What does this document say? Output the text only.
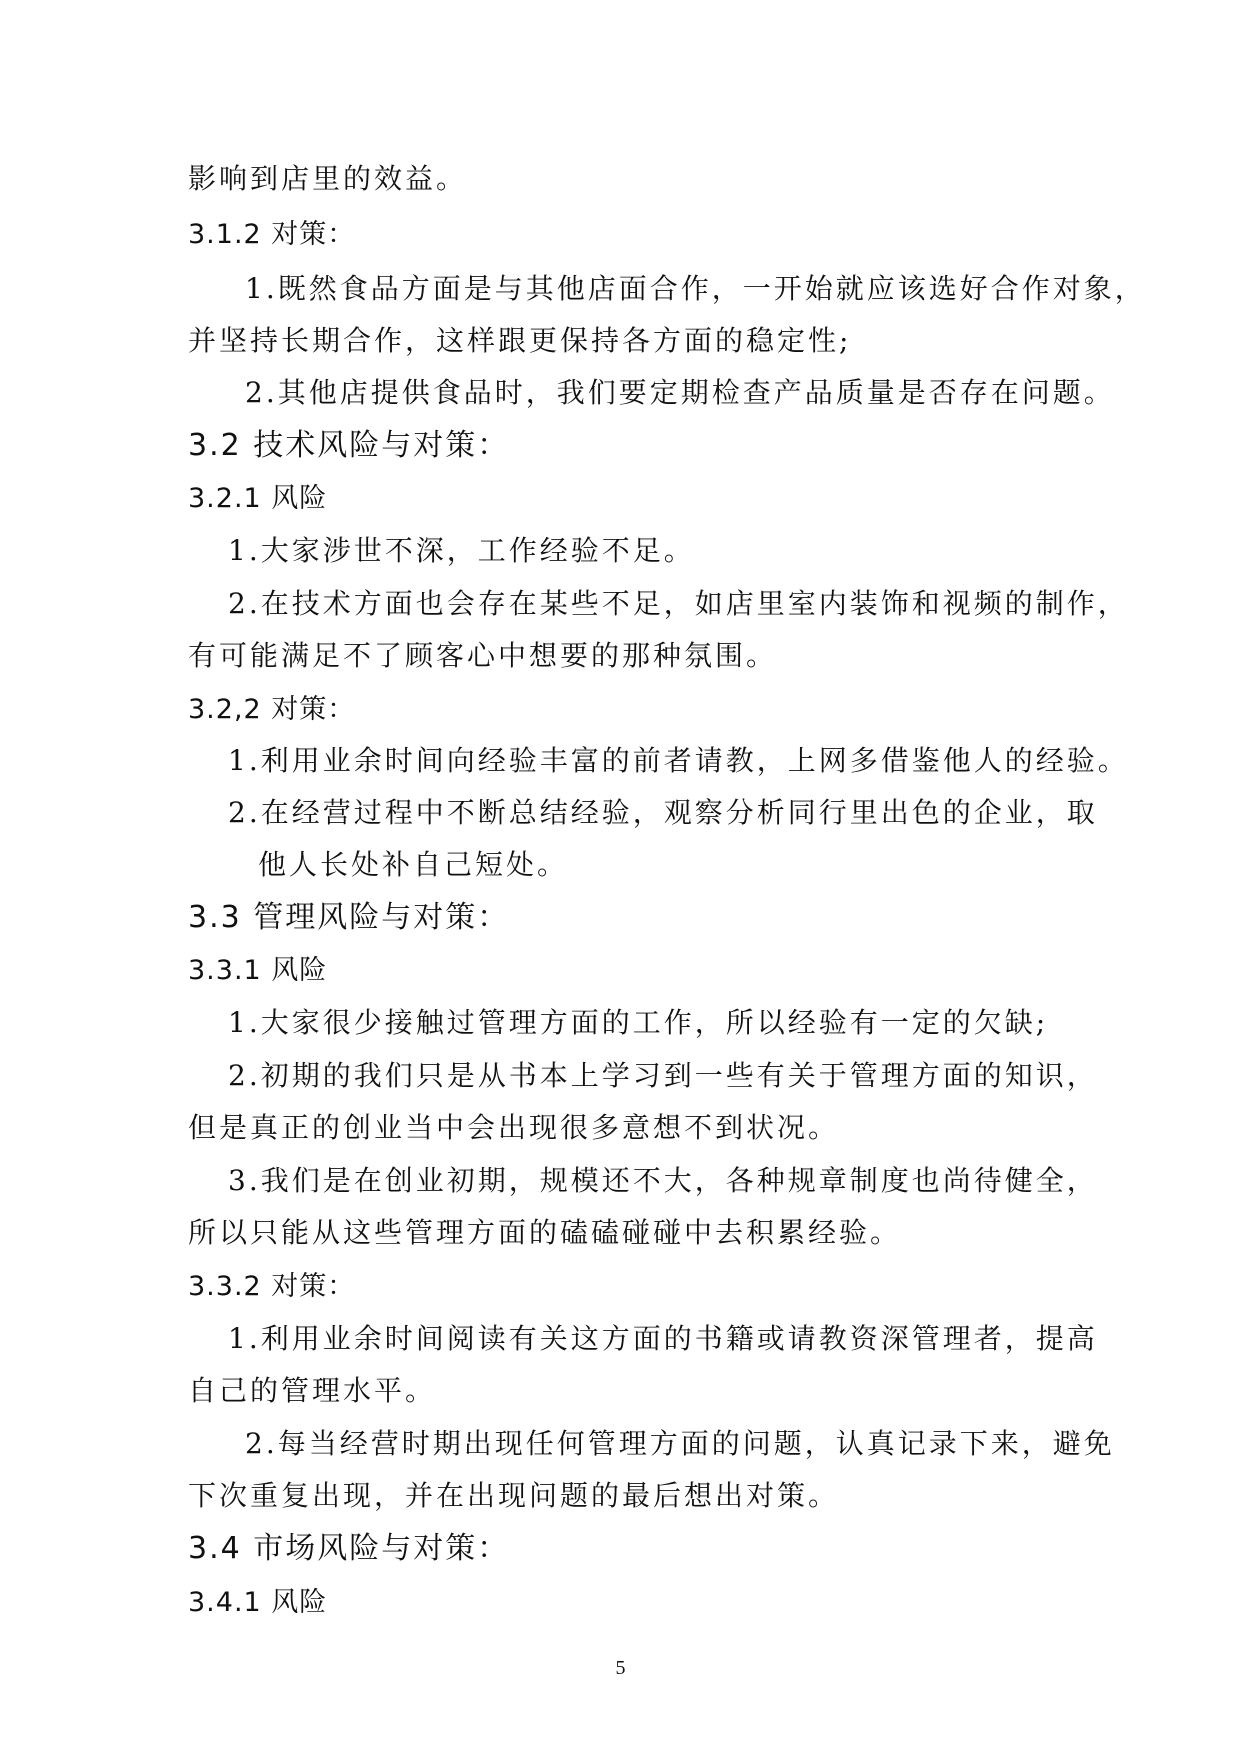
影响到店里的效益。
3.1.2 对策：
1.既然食品方面是与其他店面合作，一开始就应该选好合作对象，
并坚持长期合作，这样跟更保持各方面的稳定性;
2.其他店提供食品时，我们要定期检查产品质量是否存在问题。
3.2 技术风险与对策：
3.2.1 风险
1.大家涉世不深，工作经验不足。
2.在技术方面也会存在某些不足，如店里室内装饰和视频的制作，
有可能满足不了顾客心中想要的那种氛围。
3.2,2 对策：
1.利用业余时间向经验丰富的前者请教，上网多借鉴他人的经验。
2.在经营过程中不断总结经验，观察分析同行里出色的企业，取
他人长处补自己短处。
3.3 管理风险与对策：
3.3.1 风险
1.大家很少接触过管理方面的工作，所以经验有一定的欠缺;
2.初期的我们只是从书本上学习到一些有关于管理方面的知识，
但是真正的创业当中会出现很多意想不到状况。
3.我们是在创业初期，规模还不大，各种规章制度也尚待健全，
所以只能从这些管理方面的磕磕碰碰中去积累经验。
3.3.2 对策：
1.利用业余时间阅读有关这方面的书籍或请教资深管理者，提高
自己的管理水平。
2.每当经营时期出现任何管理方面的问题，认真记录下来，避免
下次重复出现，并在出现问题的最后想出对策。
3.4 市场风险与对策：
3.4.1 风险
5
